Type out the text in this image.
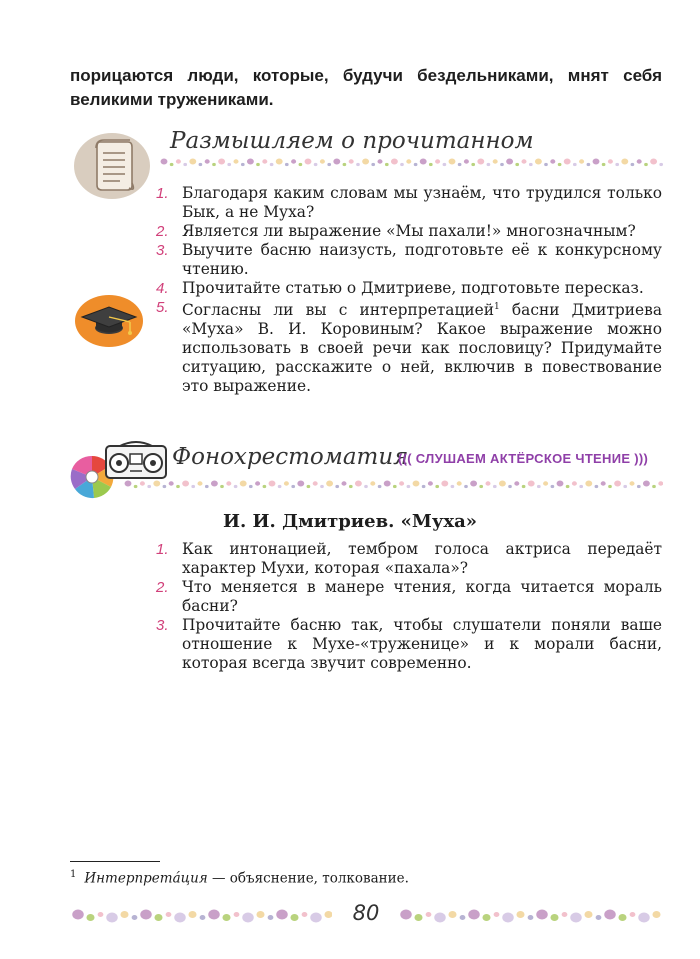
порицаются люди, которые, будучи бездельниками, мнят себя великими тружениками.
Размышляем о прочитанном
1. Благодаря каким словам мы узнаём, что трудился только Бык, а не Муха?
2. Является ли выражение «Мы пахали!» многозначным?
3. Выучите басню наизусть, подготовьте её к конкурсному чтению.
4. Прочитайте статью о Дмитриеве, подготовьте пересказ.
5. Согласны ли вы с интерпретацией$^1$ басни Дмитриева «Муха» В. И. Коровиным? Какое выражение можно использовать в своей речи как пословицу? Придумайте ситуацию, расскажите о ней, включив в повествование это выражение.
Фонохрестоматия
((( СЛУШАЕМ АКТЁРСКОЕ ЧТЕНИЕ )))
И. И. Дмитриев. «Муха»
1. Как интонацией, тембром голоса актриса передаёт характер Мухи, которая «пахала»?
2. Что меняется в манере чтения, когда читается мораль басни?
3. Прочитайте басню так, чтобы слушатели поняли ваше отношение к Мухе-«труженице» и к морали басни, которая всегда звучит современно.
$^1$ Интерпретáция — объяснение, толкование.
80
